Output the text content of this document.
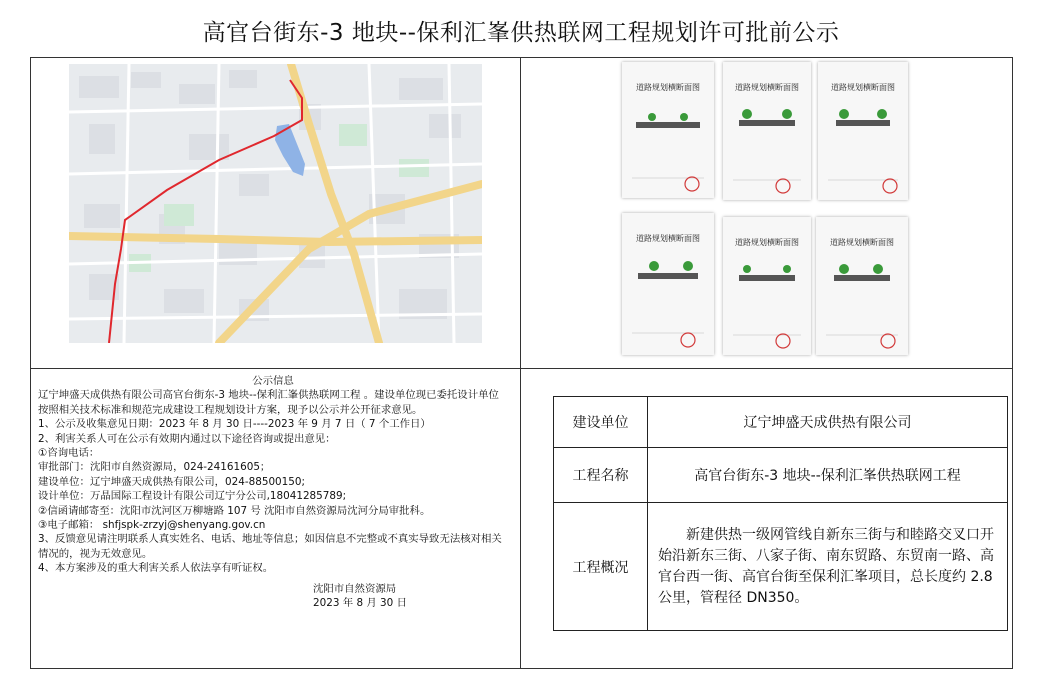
高官台街东-3 地块--保利汇峯供热联网工程规划许可批前公示
道路规划横断面图	道路规划横断面图	道路规划横断面图
道路规划横断面图	道路规划横断面图	道路规划横断面图

公示信息

辽宁坤盛天成供热有限公司高官台街东-3 地块--保利汇峯供热联网工程 。建设单位现已委托设计单位按照相关技术标准和规范完成建设工程规划设计方案，现予以公示并公开征求意见。

1、公示及收集意见日期：2023 年 8 月 30 日----2023 年 9 月 7 日（ 7 个工作日）

2、利害关系人可在公示有效期内通过以下途径咨询或提出意见：

①咨询电话：

审批部门：沈阳市自然资源局，024-24161605；

建设单位：辽宁坤盛天成供热有限公司，024-88500150;

设计单位：万晶国际工程设计有限公司辽宁分公司,18041285789;

②信函请邮寄至：沈阳市沈河区万柳塘路 107 号 沈阳市自然资源局沈河分局审批科。

③电子邮箱： shfjspk-zrzyj@shenyang.gov.cn

3、反馈意见请注明联系人真实姓名、电话、地址等信息；如因信息不完整或不真实导致无法核对相关情况的，视为无效意见。

4、本方案涉及的重大利害关系人依法享有听证权。

沈阳市自然资源局

2023 年 8 月 30 日

建设单位	辽宁坤盛天成供热有限公司
工程名称	高官台街东-3 地块--保利汇峯供热联网工程
工程概况	新建供热一级网管线自新东三街与和睦路交叉口开始沿新东三街、八家子街、南东贸路、东贸南一路、高官台西一街、高官台街至保利汇峯项目，总长度约 2.8 公里，管程径 DN350。
